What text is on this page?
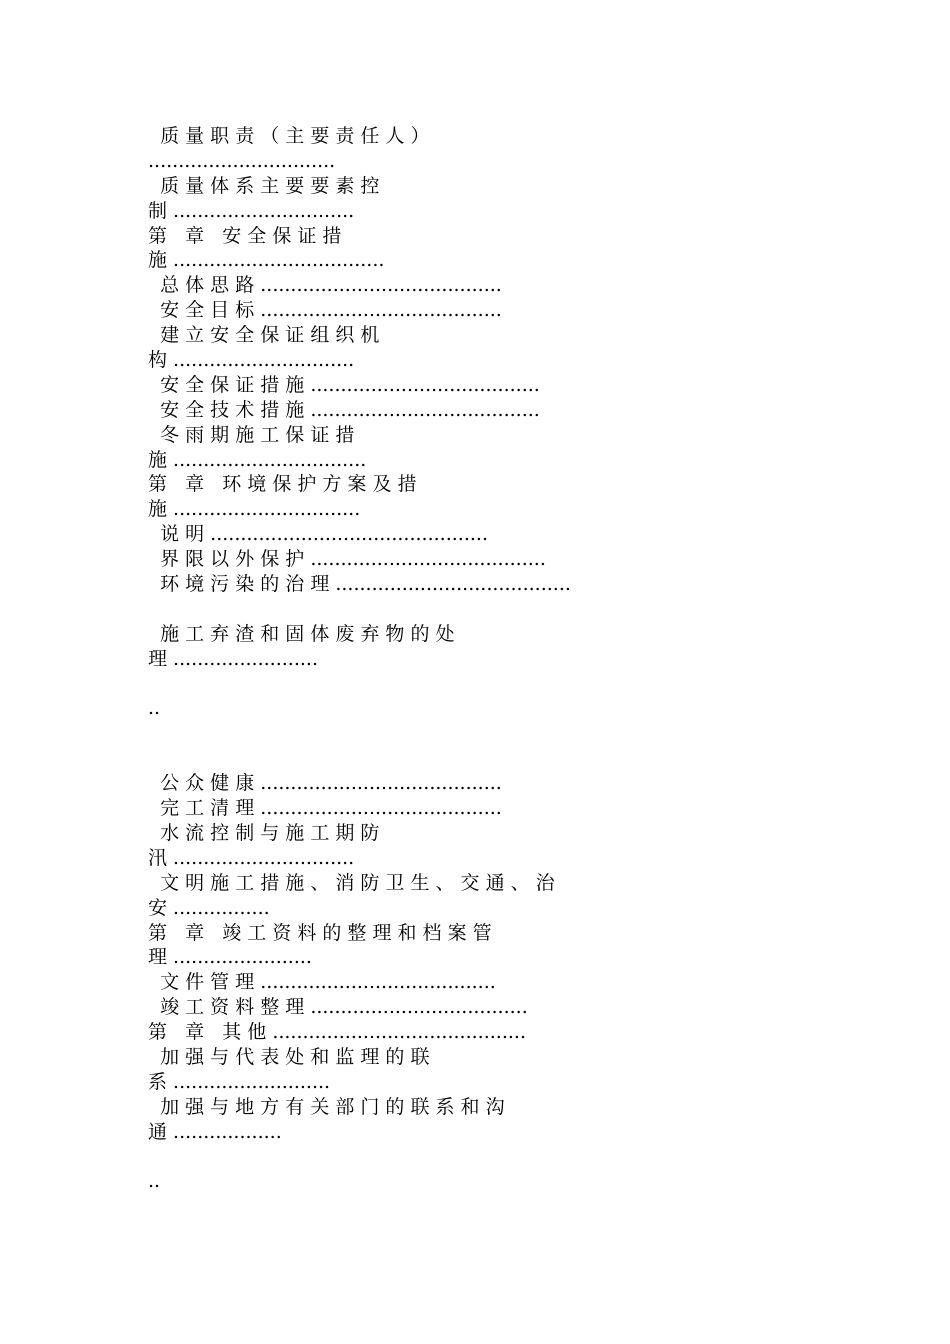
质 量 职 责 （ 主 要 责 任 人 ）
...............................
质 量 体 系 主 要 要 素 控
制 ..............................
第   章   安 全 保 证 措
施 ...................................
总 体 思 路 ........................................
安 全 目 标 ........................................
建 立 安 全 保 证 组 织 机
构 ..............................
安 全 保 证 措 施 ......................................
安 全 技 术 措 施 ......................................
冬 雨 期 施 工 保 证 措
施 ................................
第   章   环 境 保 护 方 案 及 措
施 ...............................
说 明 ..............................................
界 限 以 外 保 护 .......................................
环 境 污 染 的 治 理 .......................................
施 工 弃 渣 和 固 体 废 弃 物 的 处
理 ........................
..
公 众 健 康 ........................................
完 工 清 理 ........................................
水 流 控 制 与 施 工 期 防
汛 ..............................
文 明 施 工 措 施 、 消 防 卫 生 、 交 通 、 治
安 ................
第   章   竣 工 资 料 的 整 理 和 档 案 管
理 .......................
文 件 管 理 .......................................
竣 工 资 料 整 理 ....................................
第   章   其 他 ..........................................
加 强 与 代 表 处 和 监 理 的 联
系 ..........................
加 强 与 地 方 有 关 部 门 的 联 系 和 沟
通 ..................
..
